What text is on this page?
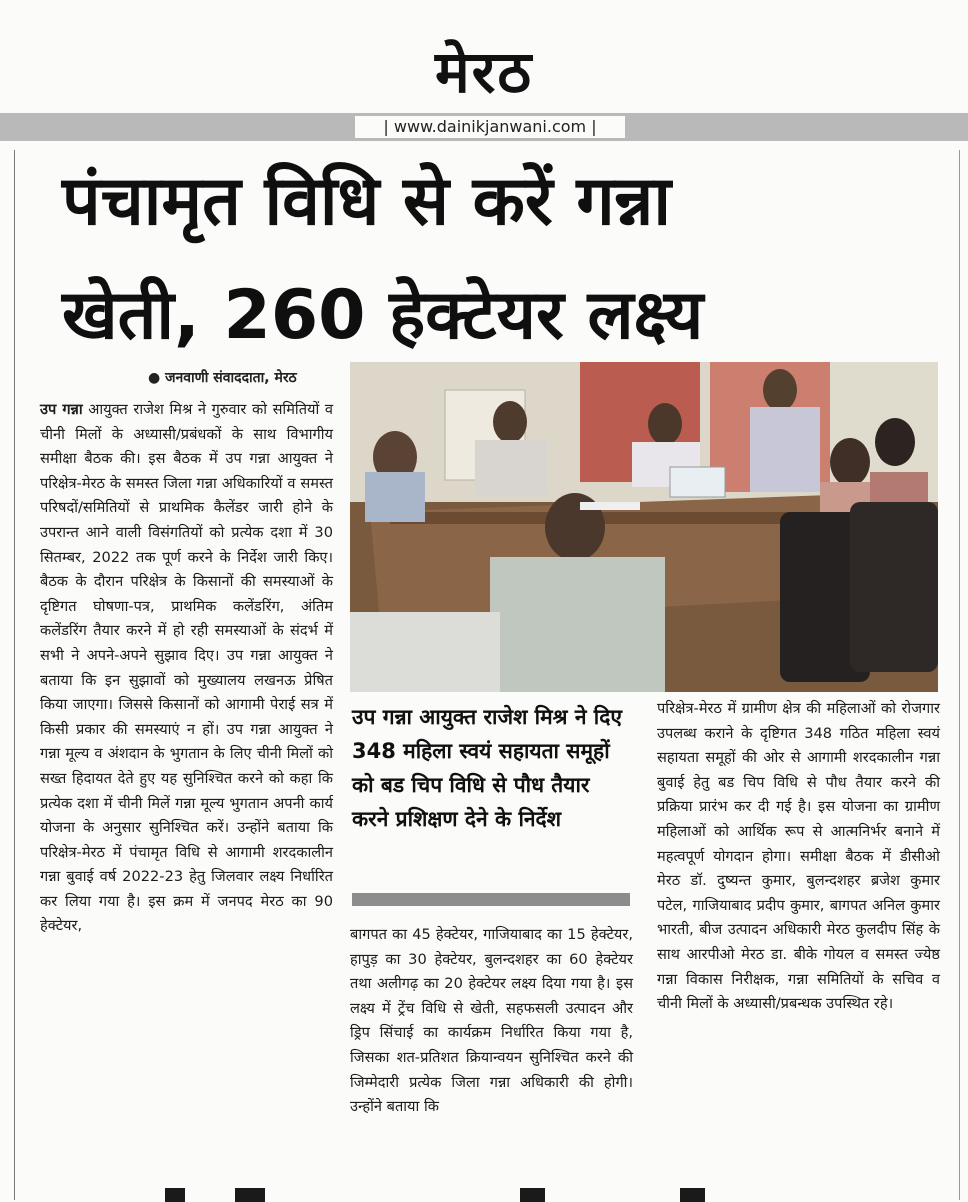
मेरठ
| www.dainikjanwani.com |
पंचामृत विधि से करें गन्ना
खेती, 260 हेक्टेयर लक्ष्य
● जनवाणी संवाददाता, मेरठ
उप गन्ना आयुक्त राजेश मिश्र ने गुरुवार को समितियों व चीनी मिलों के अध्यासी/प्रबंधकों के साथ विभागीय समीक्षा बैठक की। इस बैठक में उप गन्ना आयुक्त ने परिक्षेत्र-मेरठ के समस्त जिला गन्ना अधिकारियों व समस्त परिषदों/समितियों से प्राथमिक कैलेंडर जारी होने के उपरान्त आने वाली विसंगतियों को प्रत्येक दशा में 30 सितम्बर, 2022 तक पूर्ण करने के निर्देश जारी किए। बैठक के दौरान परिक्षेत्र के किसानों की समस्याओं के दृष्टिगत घोषणा-पत्र, प्राथमिक कलेंडरिंग, अंतिम कलेंडरिंग तैयार करने में हो रही समस्याओं के संदर्भ में सभी ने अपने-अपने सुझाव दिए। उप गन्ना आयुक्त ने बताया कि इन सुझावों को मुख्यालय लखनऊ प्रेषित किया जाएगा। जिससे किसानों को आगामी पेराई सत्र में किसी प्रकार की समस्याएं न हों। उप गन्ना आयुक्त ने गन्ना मूल्य व अंशदान के भुगतान के लिए चीनी मिलों को सख्त हिदायत देते हुए यह सुनिश्चित करने को कहा कि प्रत्येक दशा में चीनी मिलें गन्ना मूल्य भुगतान अपनी कार्य योजना के अनुसार सुनिश्चित करें। उन्होंने बताया कि परिक्षेत्र-मेरठ में पंचामृत विधि से आगामी शरदकालीन गन्ना बुवाई वर्ष 2022-23 हेतु जिलवार लक्ष्य निर्धारित कर लिया गया है। इस क्रम में जनपद मेरठ का 90 हेक्टेयर,
उप गन्ना आयुक्त राजेश मिश्र ने दिए 348 महिला स्वयं सहायता समूहों को बड चिप विधि से पौध तैयार करने प्रशिक्षण देने के निर्देश
बागपत का 45 हेक्टेयर, गाजियाबाद का 15 हेक्टेयर, हापुड़ का 30 हेक्टेयर, बुलन्दशहर का 60 हेक्टेयर तथा अलीगढ़ का 20 हेक्टेयर लक्ष्य दिया गया है। इस लक्ष्य में ट्रेंच विधि से खेती, सहफसली उत्पादन और ड्रिप सिंचाई का कार्यक्रम निर्धारित किया गया है, जिसका शत-प्रतिशत क्रियान्वयन सुनिश्चित करने की जिम्मेदारी प्रत्येक जिला गन्ना अधिकारी की होगी। उन्होंने बताया कि
परिक्षेत्र-मेरठ में ग्रामीण क्षेत्र की महिलाओं को रोजगार उपलब्ध कराने के दृष्टिगत 348 गठित महिला स्वयं सहायता समूहों की ओर से आगामी शरदकालीन गन्ना बुवाई हेतु बड चिप विधि से पौध तैयार करने की प्रक्रिया प्रारंभ कर दी गई है। इस योजना का ग्रामीण महिलाओं को आर्थिक रूप से आत्मनिर्भर बनाने में महत्वपूर्ण योगदान होगा। समीक्षा बैठक में डीसीओ मेरठ डॉ. दुष्यन्त कुमार, बुलन्दशहर ब्रजेश कुमार पटेल, गाजियाबाद प्रदीप कुमार, बागपत अनिल कुमार भारती, बीज उत्पादन अधिकारी मेरठ कुलदीप सिंह के साथ आरपीओ मेरठ डा. बीके गोयल व समस्त ज्येष्ठ गन्ना विकास निरीक्षक, गन्ना समितियों के सचिव व चीनी मिलों के अध्यासी/प्रबन्धक उपस्थित रहे।
